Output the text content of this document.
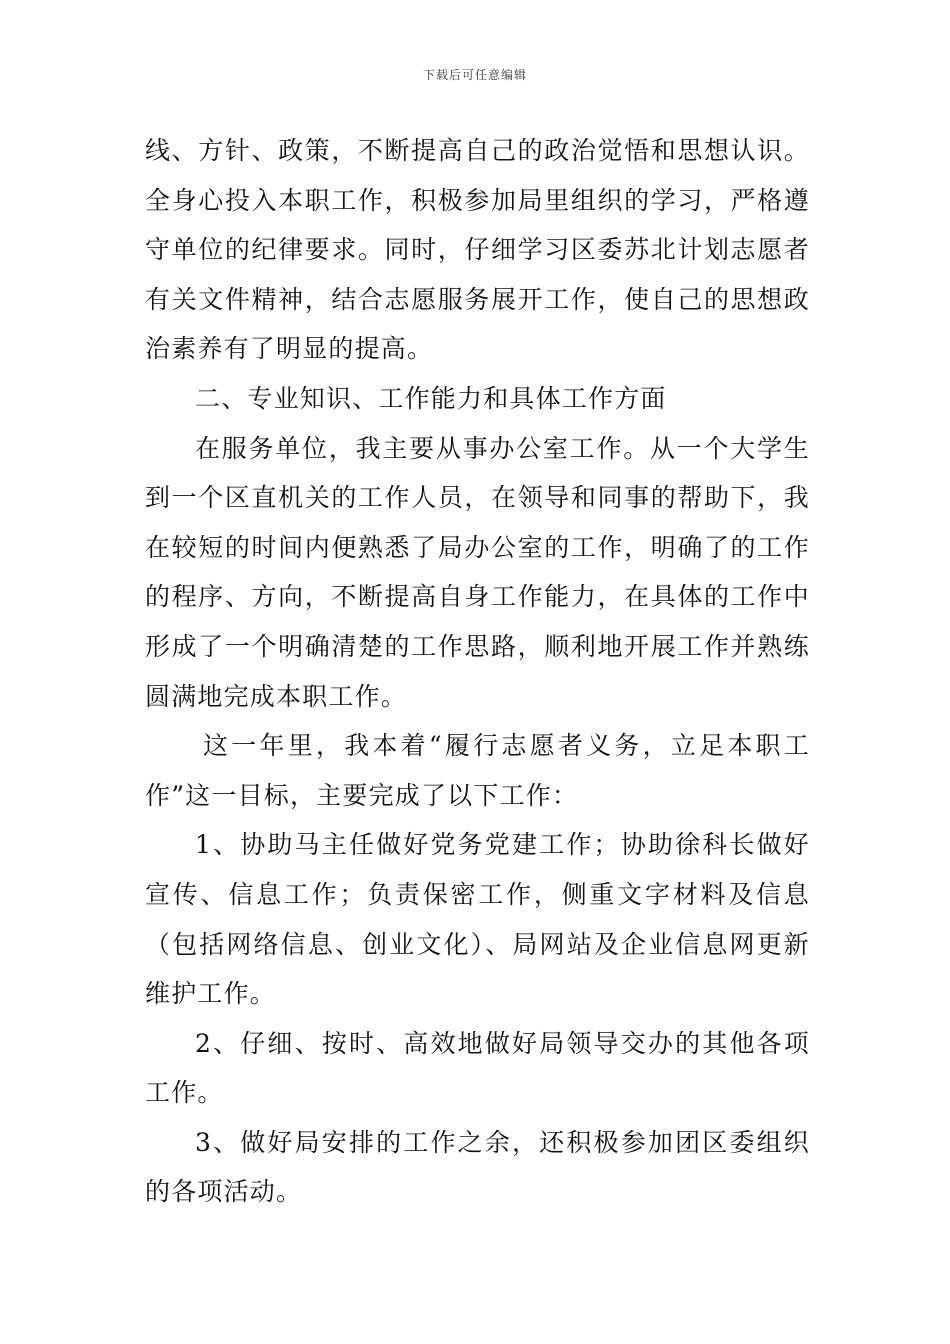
下载后可任意编辑

线、方针、政策，不断提高自己的政治觉悟和思想认识。全身心投入本职工作，积极参加局里组织的学习，严格遵守单位的纪律要求。同时，仔细学习区委苏北计划志愿者有关文件精神，结合志愿服务展开工作，使自己的思想政治素养有了明显的提高。

二、专业知识、工作能力和具体工作方面

在服务单位，我主要从事办公室工作。从一个大学生到一个区直机关的工作人员，在领导和同事的帮助下，我在较短的时间内便熟悉了局办公室的工作，明确了的工作的程序、方向，不断提高自身工作能力，在具体的工作中形成了一个明确清楚的工作思路，顺利地开展工作并熟练圆满地完成本职工作。

这一年里，我本着“履行志愿者义务，立足本职工作”这一目标，主要完成了以下工作：

1、协助马主任做好党务党建工作；协助徐科长做好宣传、信息工作；负责保密工作，侧重文字材料及信息（包括网络信息、创业文化）、局网站及企业信息网更新维护工作。

2、仔细、按时、高效地做好局领导交办的其他各项工作。

3、做好局安排的工作之余，还积极参加团区委组织的各项活动。
